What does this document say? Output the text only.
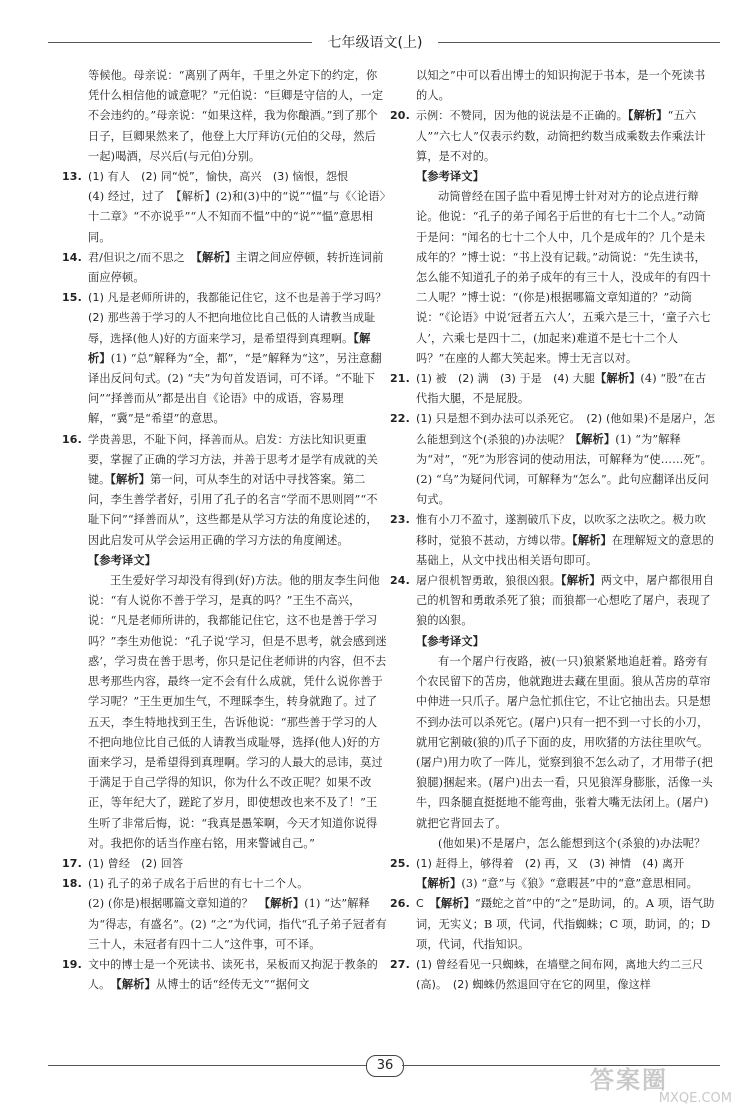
七年级语文(上)

等候他。母亲说：“离别了两年，千里之外定下的约定，你凭什么相信他的诚意呢？”元伯说：“巨卿是守信的人，一定不会违约的。”母亲说：“如果这样，我为你酿酒。”到了那个日子，巨卿果然来了，他登上大厅拜访(元伯的父母，然后一起)喝酒，尽兴后(与元伯)分别。

13. (1) 有人　(2) 同“悦”，愉快，高兴　(3) 恼恨，怨恨

(4) 经过，过了　【解析】(2)和(3)中的“说”“愠”与《〈论语〉十二章》“不亦说乎”“人不知而不愠”中的“说”“愠”意思相同。

14. 君/但识之/而不思之　 【解析】主谓之间应停顿，转折连词前面应停顿。

15. (1) 凡是老师所讲的，我都能记住它，这不也是善于学习吗？　(2) 那些善于学习的人不把向地位比自己低的人请教当成耻辱，选择(他人)好的方面来学习，是希望得到真理啊。【解析】(1) “总”解释为“全，都”，“是”解释为“这”，另注意翻译出反问句式。(2) “夫”为句首发语词，可不译。“不耻下问”“择善而从”都是出自《论语》中的成语，容易理解，“冀”是“希望”的意思。

16. 学贵善思，不耻下问，择善而从。启发：方法比知识更重要，掌握了正确的学习方法，并善于思考才是学有成就的关键。【解析】第一问，可从李生的对话中寻找答案。第二问，李生善学者好，引用了孔子的名言“学而不思则罔”“不耻下问”“择善而从”，这些都是从学习方法的角度论述的，因此启发可从学会运用正确的学习方法的角度阐述。

【参考译文】

王生爱好学习却没有得到(好)方法。他的朋友李生问他说：“有人说你不善于学习，是真的吗？”王生不高兴，说：“凡是老师所讲的，我都能记住它，这不也是善于学习吗？”李生劝他说：“孔子说‘学习，但是不思考，就会感到迷惑’，学习贵在善于思考，你只是记住老师讲的内容，但不去思考那些内容，最终一定不会有什么成就，凭什么说你善于学习呢？”王生更加生气，不理睬李生，转身就跑了。过了五天，李生特地找到王生，告诉他说：“那些善于学习的人不把向地位比自己低的人请教当成耻辱，选择(他人)好的方面来学习，是希望得到真理啊。学习的人最大的忌讳，莫过于满足于自己学得的知识，你为什么不改正呢？如果不改正，等年纪大了，蹉跎了岁月，即使想改也来不及了！”王生听了非常后悔，说：“我真是愚笨啊，今天才知道你说得对。我把你的话当作座右铭，用来警诫自己。”

17. (1) 曾经　(2) 回答

18. (1) 孔子的弟子成名于后世的有七十二个人。

(2) (你是)根据哪篇文章知道的？　 【解析】(1) “达”解释为“得志，有盛名”。(2) “之”为代词，指代“孔子弟子冠者有三十人，未冠者有四十二人”这件事，可不译。

19. 文中的博士是一个死读书、读死书，呆板而又拘泥于教条的人。　 【解析】从博士的话“经传无文”“据何文

以知之”中可以看出博士的知识拘泥于书本，是一个死读书的人。

20. 示例：不赞同，因为他的说法是不正确的。【解析】“五六人”“六七人”仅表示约数，动筒把约数当成乘数去作乘法计算，是不对的。

【参考译文】

动筒曾经在国子监中看见博士针对对方的论点进行辩论。他说：“孔子的弟子闻名于后世的有七十二个人。”动筒于是问：“闻名的七十二个人中，几个是成年的？几个是未成年的？”博士说：“书上没有记载。”动筒说：“先生读书，怎么能不知道孔子的弟子成年的有三十人，没成年的有四十二人呢？”博士说：“(你是)根据哪篇文章知道的？”动筒说：“《论语》中说‘冠者五六人’，五乘六是三十，‘童子六七人’，六乘七是四十二，(加起来)难道不是七十二个人吗？”在座的人都大笑起来。博士无言以对。

21. (1) 被　(2) 满　(3) 于是　(4) 大腿【解析】(4) “股”在古代指大腿，不是屁股。

22. (1) 只是想不到办法可以杀死它。　(2) (他如果)不是屠户，怎么能想到这个(杀狼的)办法呢？【解析】(1) “为”解释为“对”，“死”为形容词的使动用法，可解释为“使……死”。(2) “乌”为疑问代词，可解释为“怎么”。此句应翻译出反问句式。

23. 惟有小刀不盈寸，遂割破爪下皮，以吹豕之法吹之。极力吹移时，觉狼不甚动，方缚以带。【解析】在理解短文的意思的基础上，从文中找出相关语句即可。

24. 屠户很机智勇敢，狼很凶狠。【解析】两文中，屠户都很用自己的机智和勇敢杀死了狼；而狼都一心想吃了屠户，表现了狼的凶狠。

【参考译文】

有一个屠户行夜路，被(一只)狼紧紧地追赶着。路旁有个农民留下的苫房，他就跑进去藏在里面。狼从苫房的草帘中伸进一只爪子。屠户急忙抓住它，不让它抽出去。只是想不到办法可以杀死它。(屠户)只有一把不到一寸长的小刀，就用它割破(狼的)爪子下面的皮，用吹猪的方法往里吹气。(屠户)用力吹了一阵儿，觉察到狼不怎么动了，才用带子(把狼腿)捆起来。(屠户)出去一看，只见狼浑身膨胀，活像一头牛，四条腿直挺挺地不能弯曲，张着大嘴无法闭上。(屠户)就把它背回去了。

(他如果)不是屠户，怎么能想到这个(杀狼的)办法呢？

25. (1) 赶得上，够得着　(2) 再，又　(3) 神情　(4) 离开

【解析】(3) “意”与《狼》“意暇甚”中的“意”意思相同。

26. C　 【解析】“蹑蛇之首”中的“之”是助词，的。A 项，语气助词，无实义；B 项，代词，代指蜘蛛；C 项，助词，的；D 项，代词，代指知识。

27. (1) 曾经看见一只蜘蛛，在墙壁之间布网，离地大约二三尺(高)。　(2) 蜘蛛仍然退回守在它的网里，像这样

36
答案圈
MXQE.COM
